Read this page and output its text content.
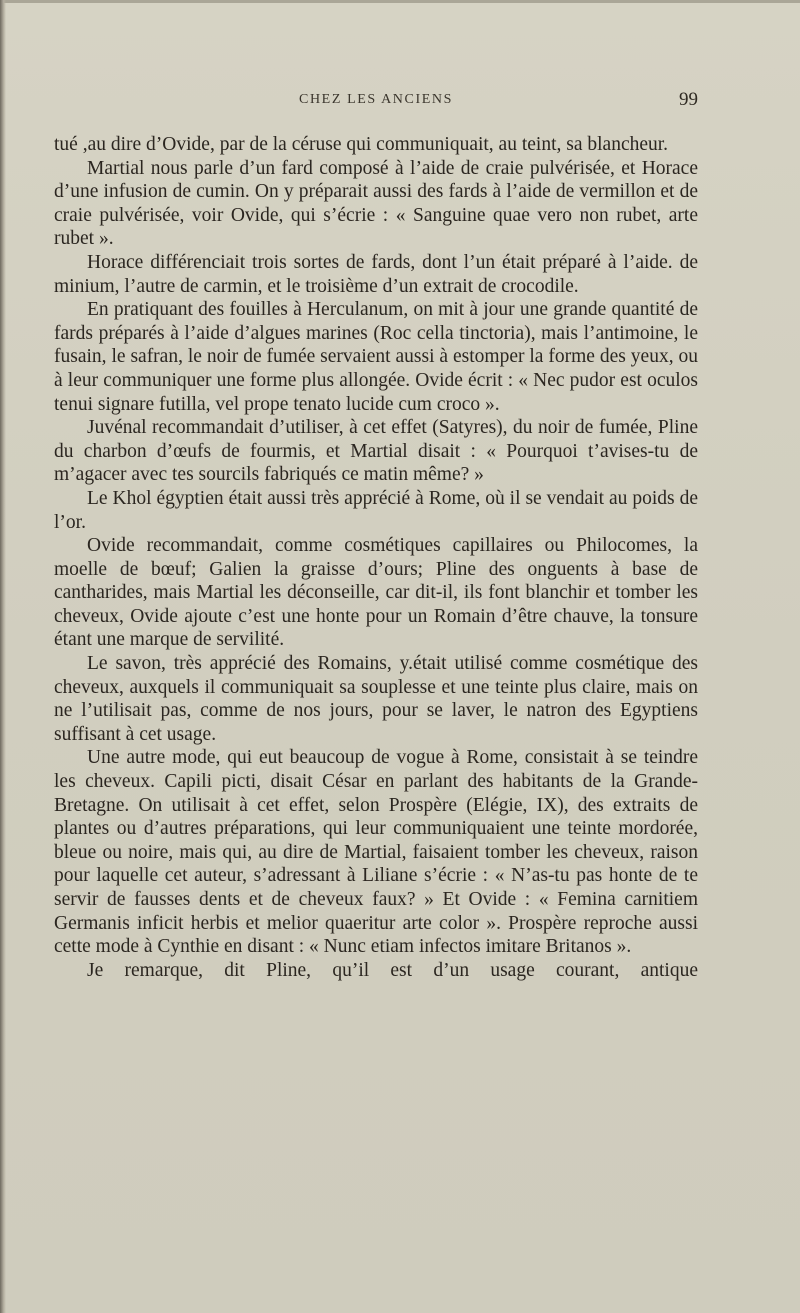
CHEZ LES ANCIENS	99

tué ,au dire d’Ovide, par de la céruse qui communiquait, au teint, sa blancheur.

Martial nous parle d’un fard composé à l’aide de craie pulvérisée, et Horace d’une infusion de cumin. On y préparait aussi des fards à l’aide de vermillon et de craie pulvérisée, voir Ovide, qui s’écrie : « Sanguine quae vero non rubet, arte rubet ».

Horace différenciait trois sortes de fards, dont l’un était préparé à l’aide. de minium, l’autre de carmin, et le troisième d’un extrait de crocodile.

En pratiquant des fouilles à Herculanum, on mit à jour une grande quantité de fards préparés à l’aide d’algues marines (Roc cella tinctoria), mais l’antimoine, le fusain, le safran, le noir de fumée servaient aussi à estomper la forme des yeux, ou à leur communiquer une forme plus allongée. Ovide écrit : « Nec pudor est oculos tenui signare futilla, vel prope tenato lucide cum croco ».

Juvénal recommandait d’utiliser, à cet effet (Satyres), du noir de fumée, Pline du charbon d’œufs de fourmis, et Martial disait : « Pourquoi t’avises-tu de m’agacer avec tes sourcils fabriqués ce matin même? »

Le Khol égyptien était aussi très apprécié à Rome, où il se vendait au poids de l’or.

Ovide recommandait, comme cosmétiques capillaires ou Philocomes, la moelle de bœuf; Galien la graisse d’ours; Pline des onguents à base de cantharides, mais Martial les déconseille, car dit-il, ils font blanchir et tomber les cheveux, Ovide ajoute c’est une honte pour un Romain d’être chauve, la tonsure étant une marque de servilité.

Le savon, très apprécié des Romains, y.était utilisé comme cosmétique des cheveux, auxquels il communiquait sa souplesse et une teinte plus claire, mais on ne l’utilisait pas, comme de nos jours, pour se laver, le natron des Egyptiens suffisant à cet usage.

Une autre mode, qui eut beaucoup de vogue à Rome, consistait à se teindre les cheveux. Capili picti, disait César en parlant des habitants de la Grande-Bretagne. On utilisait à cet effet, selon Prospère (Elégie, IX), des extraits de plantes ou d’autres préparations, qui leur communiquaient une teinte mordorée, bleue ou noire, mais qui, au dire de Martial, faisaient tomber les cheveux, raison pour laquelle cet auteur, s’adressant à Liliane s’écrie : « N’as-tu pas honte de te servir de fausses dents et de cheveux faux? » Et Ovide : « Femina carnitiem Germanis inficit herbis et melior quaeritur arte color ». Prospère reproche aussi cette mode à Cynthie en disant : « Nunc etiam infectos imitare Britanos ».

Je remarque, dit Pline, qu’il est d’un usage courant, antique
